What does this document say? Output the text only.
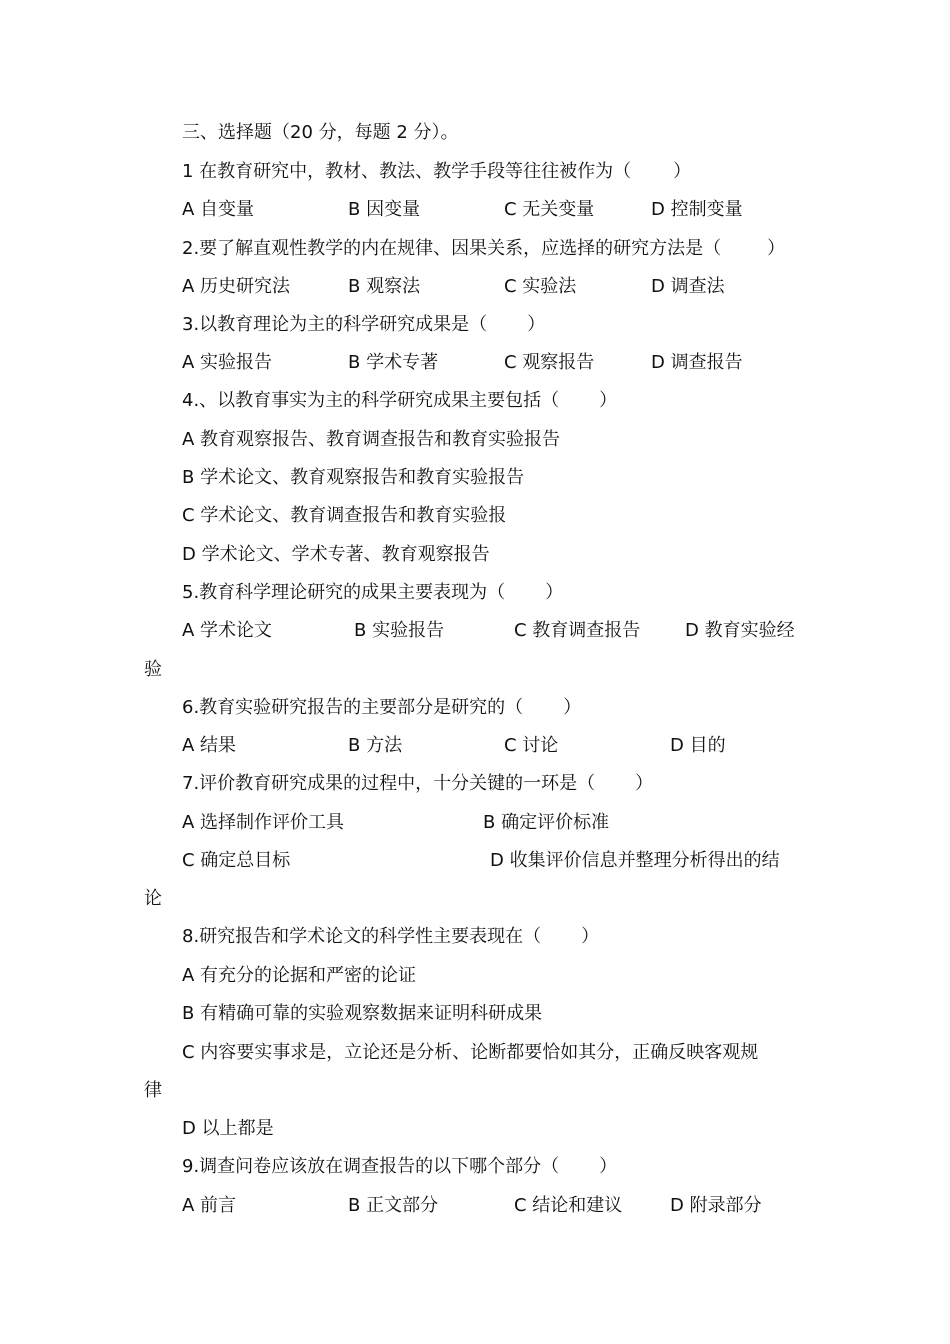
三、选择题（20 分，每题 2 分）。
1 在教育研究中，教材、教法、教学手段等往往被作为（ ）
A 自变量	B 因变量	C 无关变量	D 控制变量
2.要了解直观性教学的内在规律、因果关系，应选择的研究方法是（	）
A 历史研究法	B 观察法	C 实验法	D 调查法
3.以教育理论为主的科学研究成果是（ ）
A 实验报告	B 学术专著	C 观察报告	D 调查报告
4.、以教育事实为主的科学研究成果主要包括（ ）
A 教育观察报告、教育调查报告和教育实验报告
B 学术论文、教育观察报告和教育实验报告
C 学术论文、教育调查报告和教育实验报
D 学术论文、学术专著、教育观察报告
5.教育科学理论研究的成果主要表现为（ ）
A 学术论文	B 实验报告	C 教育调查报告 D 教育实验经
验
6.教育实验研究报告的主要部分是研究的（ ）
A 结果	B 方法	C 讨论	D 目的
7.评价教育研究成果的过程中，十分关键的一环是（ ）
A 选择制作评价工具	B 确定评价标准
C 确定总目标	D 收集评价信息并整理分析得出的结
论
8.研究报告和学术论文的科学性主要表现在（ ）
A 有充分的论据和严密的论证
B 有精确可靠的实验观察数据来证明科研成果
C 内容要实事求是，立论还是分析、论断都要恰如其分，正确反映客观规
律
D 以上都是
9.调查问卷应该放在调查报告的以下哪个部分（ ）
A 前言	B 正文部分	C 结论和建议	D 附录部分
